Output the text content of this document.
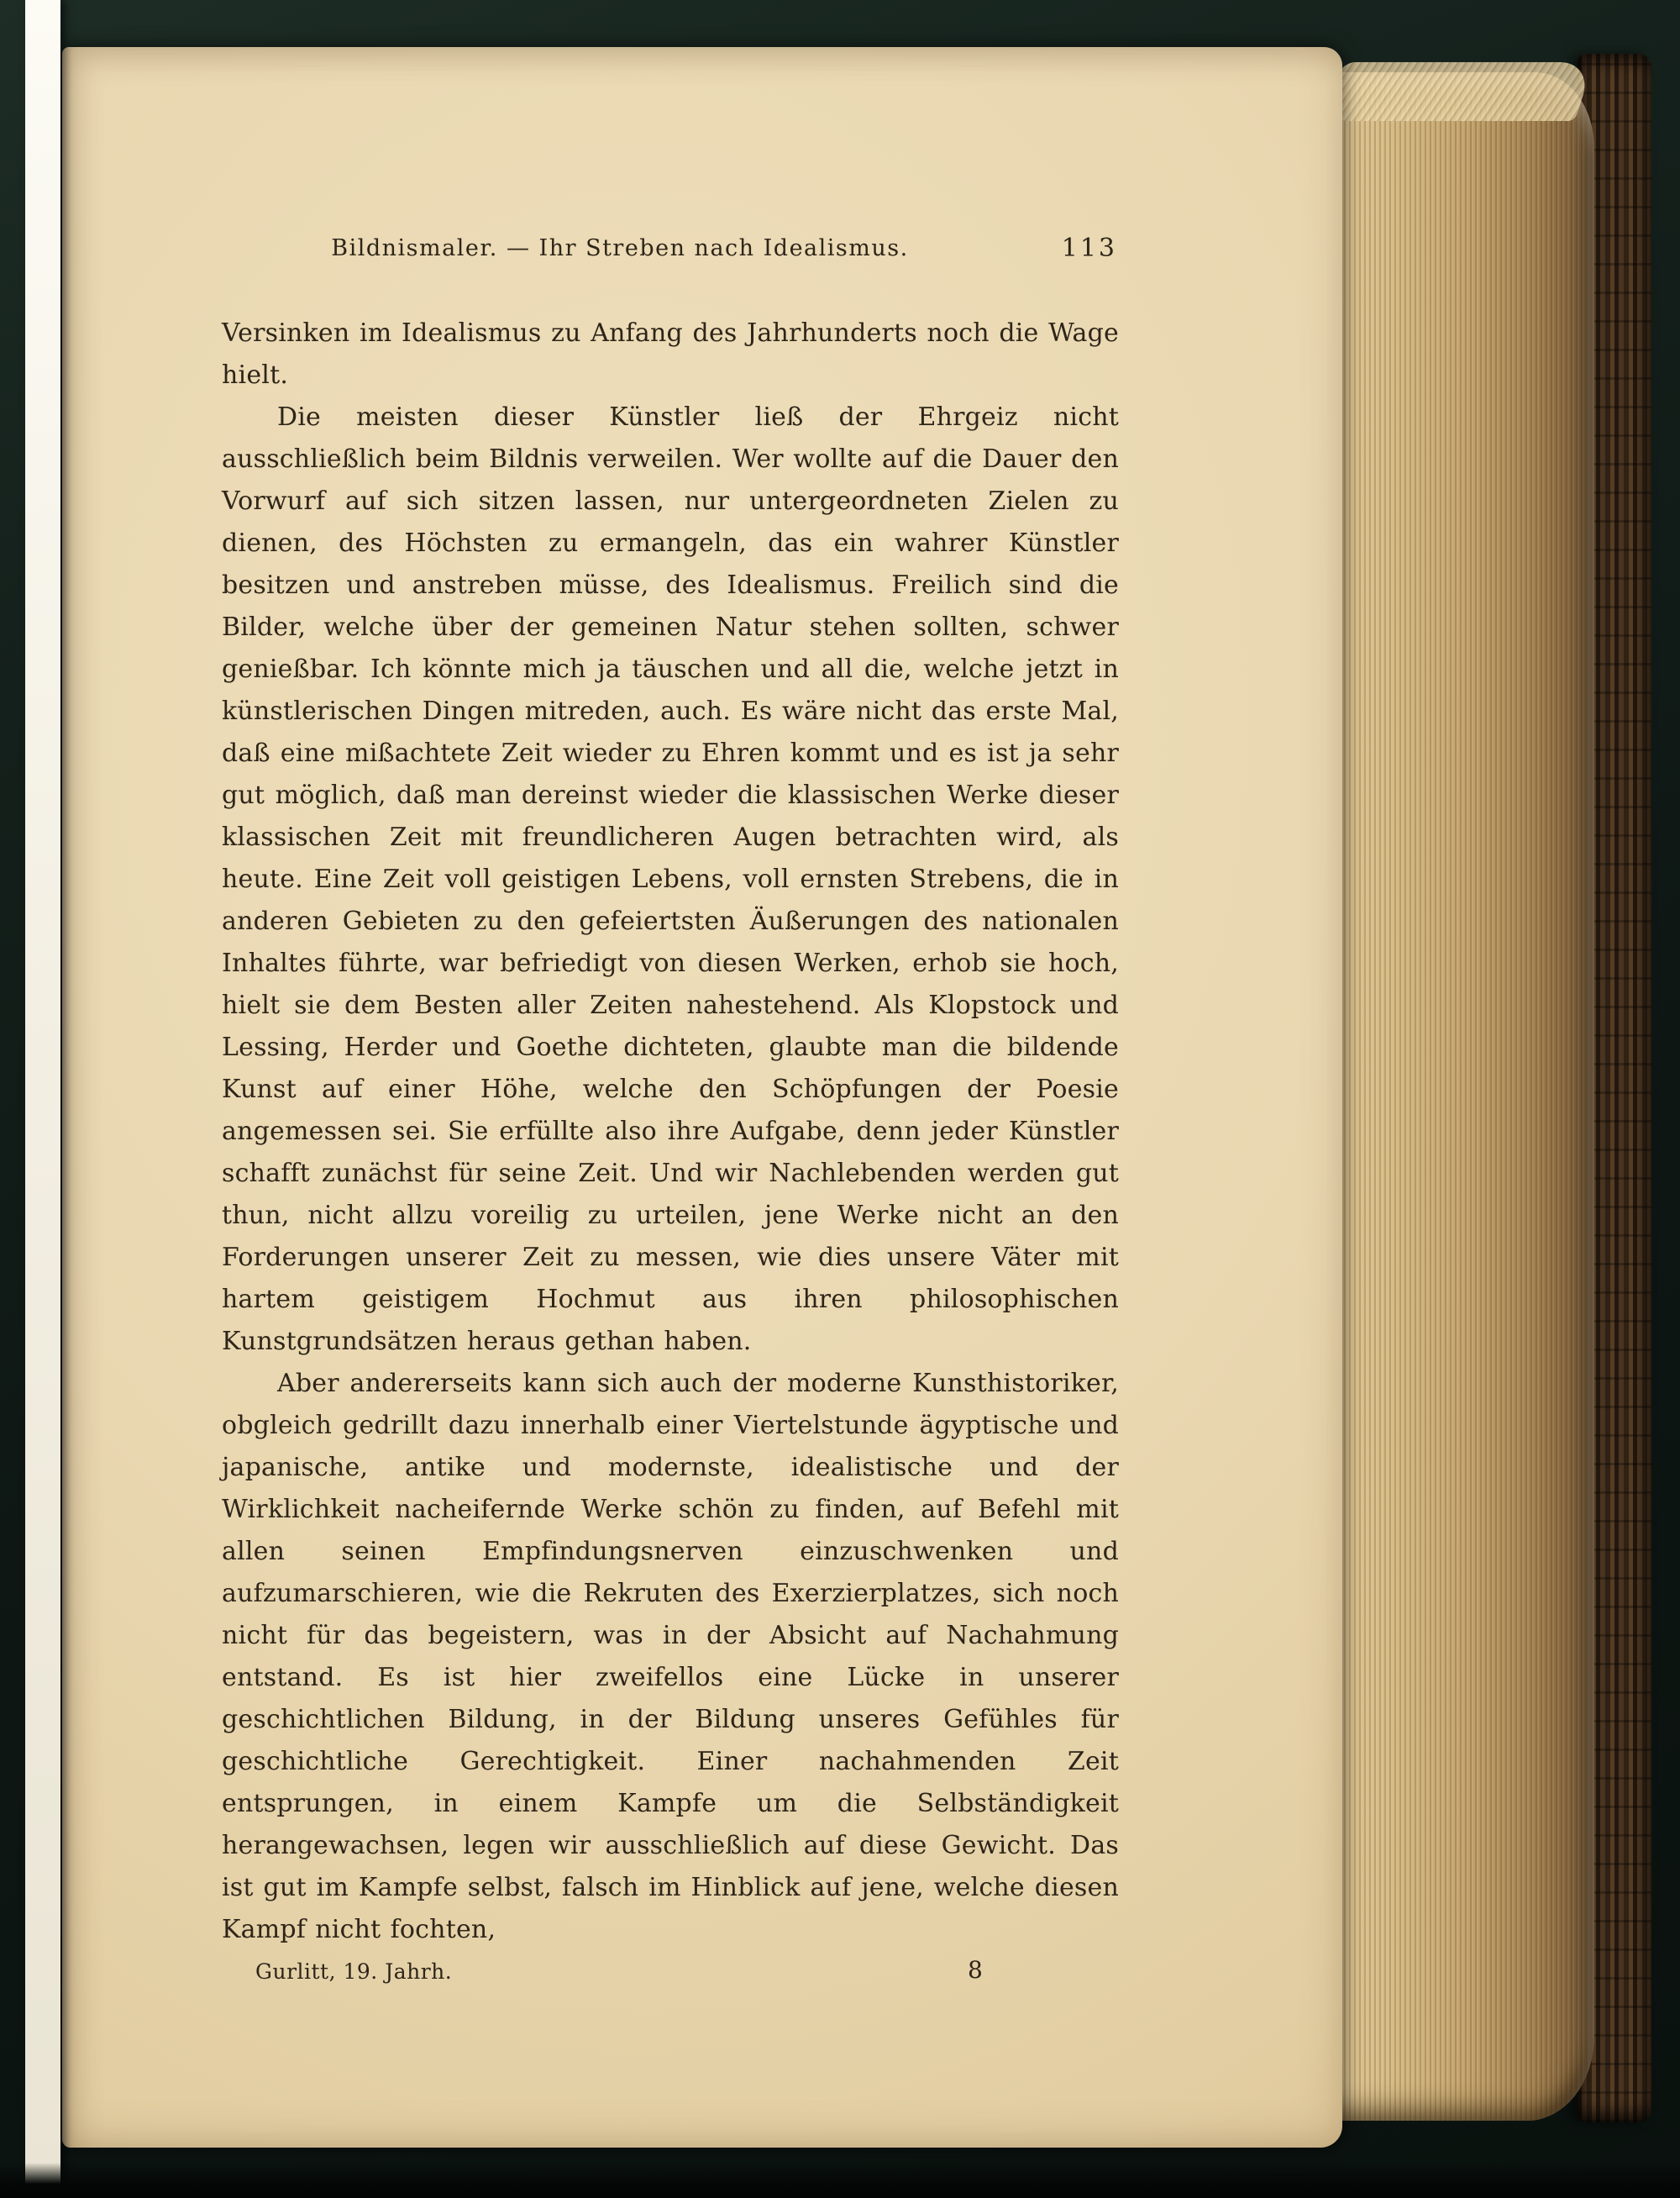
Bildnismaler. — Ihr Streben nach Idealismus.	113

Versinken im Idealismus zu Anfang des Jahrhunderts noch die Wage hielt.

Die meisten dieser Künstler ließ der Ehrgeiz nicht ausschließlich beim Bildnis verweilen. Wer wollte auf die Dauer den Vorwurf auf sich sitzen lassen, nur untergeordneten Zielen zu dienen, des Höchsten zu ermangeln, das ein wahrer Künstler besitzen und anstreben müsse, des Idealismus. Freilich sind die Bilder, welche über der gemeinen Natur stehen sollten, schwer genießbar. Ich könnte mich ja täuschen und all die, welche jetzt in künstlerischen Dingen mitreden, auch. Es wäre nicht das erste Mal, daß eine mißachtete Zeit wieder zu Ehren kommt und es ist ja sehr gut möglich, daß man dereinst wieder die klassischen Werke dieser klassischen Zeit mit freundlicheren Augen betrachten wird, als heute. Eine Zeit voll geistigen Lebens, voll ernsten Strebens, die in anderen Gebieten zu den gefeiertsten Äußerungen des nationalen Inhaltes führte, war befriedigt von diesen Werken, erhob sie hoch, hielt sie dem Besten aller Zeiten nahestehend. Als Klopstock und Lessing, Herder und Goethe dichteten, glaubte man die bildende Kunst auf einer Höhe, welche den Schöpfungen der Poesie angemessen sei. Sie erfüllte also ihre Aufgabe, denn jeder Künstler schafft zunächst für seine Zeit. Und wir Nachlebenden werden gut thun, nicht allzu voreilig zu urteilen, jene Werke nicht an den Forderungen unserer Zeit zu messen, wie dies unsere Väter mit hartem geistigem Hochmut aus ihren philosophischen Kunstgrundsätzen heraus gethan haben.

Aber andererseits kann sich auch der moderne Kunsthistoriker, obgleich gedrillt dazu innerhalb einer Viertelstunde ägyptische und japanische, antike und modernste, idealistische und der Wirklichkeit nacheifernde Werke schön zu finden, auf Befehl mit allen seinen Empfindungsnerven einzuschwenken und aufzumarschieren, wie die Rekruten des Exerzierplatzes, sich noch nicht für das begeistern, was in der Absicht auf Nachahmung entstand. Es ist hier zweifellos eine Lücke in unserer geschichtlichen Bildung, in der Bildung unseres Gefühles für geschichtliche Gerechtigkeit. Einer nachahmenden Zeit entsprungen, in einem Kampfe um die Selbständigkeit herangewachsen, legen wir ausschließlich auf diese Gewicht. Das ist gut im Kampfe selbst, falsch im Hinblick auf jene, welche diesen Kampf nicht fochten,

Gurlitt, 19. Jahrh.	8
